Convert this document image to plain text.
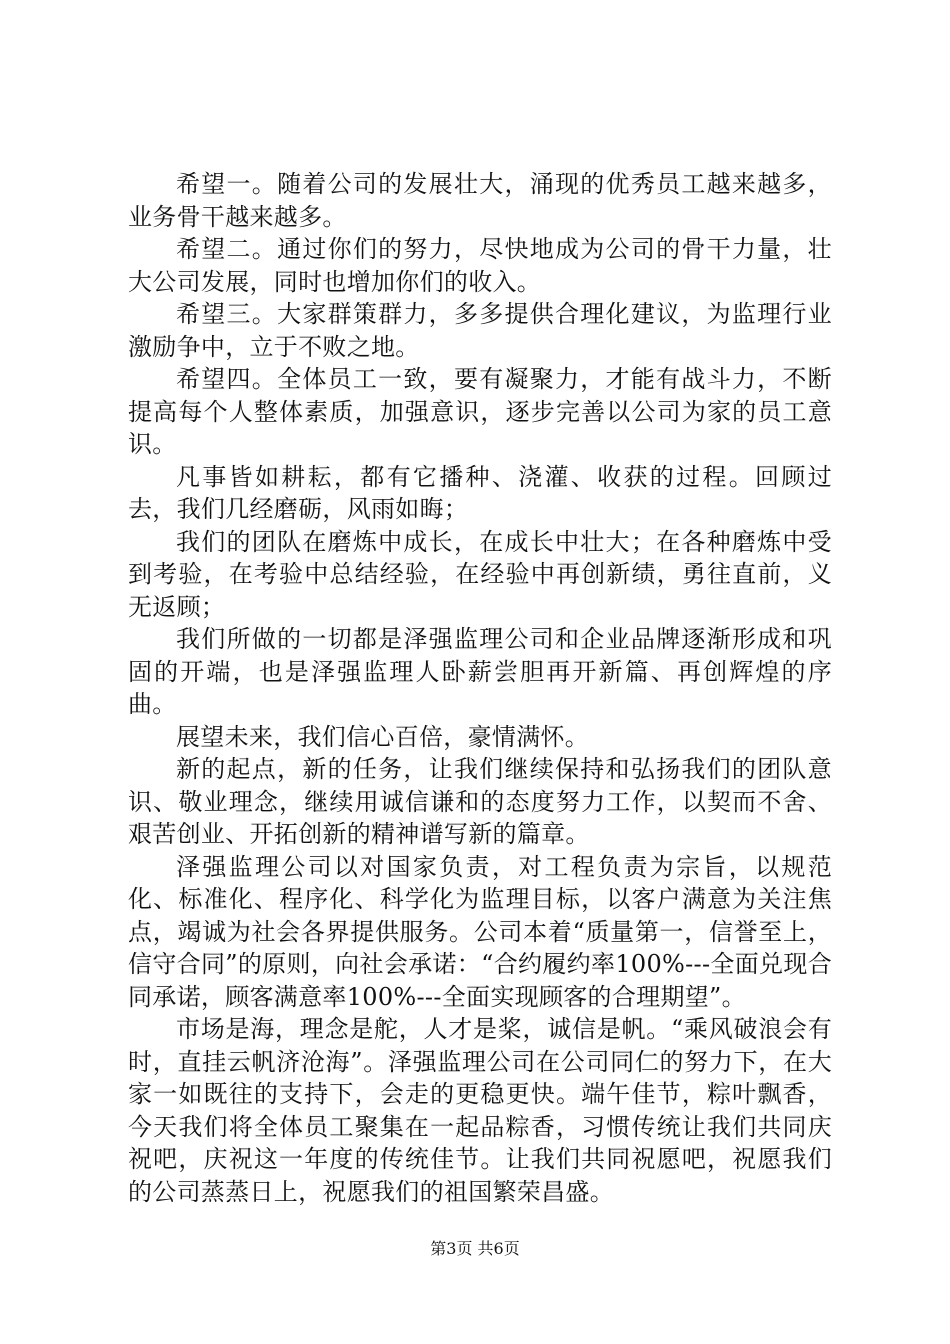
希望一。随着公司的发展壮大，涌现的优秀员工越来越多，业务骨干越来越多。

希望二。通过你们的努力，尽快地成为公司的骨干力量，壮大公司发展，同时也增加你们的收入。

希望三。大家群策群力，多多提供合理化建议，为监理行业激励争中，立于不败之地。

希望四。全体员工一致，要有凝聚力，才能有战斗力，不断提高每个人整体素质，加强意识，逐步完善以公司为家的员工意识。

凡事皆如耕耘，都有它播种、浇灌、收获的过程。回顾过去，我们几经磨砺，风雨如晦；

我们的团队在磨炼中成长，在成长中壮大；在各种磨炼中受到考验，在考验中总结经验，在经验中再创新绩，勇往直前，义无返顾；

我们所做的一切都是泽强监理公司和企业品牌逐渐形成和巩固的开端，也是泽强监理人卧薪尝胆再开新篇、再创辉煌的序曲。

展望未来，我们信心百倍，豪情满怀。

新的起点，新的任务，让我们继续保持和弘扬我们的团队意识、敬业理念，继续用诚信谦和的态度努力工作，以契而不舍、艰苦创业、开拓创新的精神谱写新的篇章。

泽强监理公司以对国家负责，对工程负责为宗旨，以规范化、标准化、程序化、科学化为监理目标，以客户满意为关注焦点，竭诚为社会各界提供服务。公司本着“质量第一，信誉至上，信守合同”的原则，向社会承诺：“合约履约率100%---全面兑现合同承诺，顾客满意率100%---全面实现顾客的合理期望”。

市场是海，理念是舵，人才是桨，诚信是帆。“乘风破浪会有时，直挂云帆济沧海”。泽强监理公司在公司同仁的努力下，在大家一如既往的支持下，会走的更稳更快。端午佳节，粽叶飘香，今天我们将全体员工聚集在一起品粽香，习惯传统让我们共同庆祝吧，庆祝这一年度的传统佳节。让我们共同祝愿吧，祝愿我们的公司蒸蒸日上，祝愿我们的祖国繁荣昌盛。

第3页 共6页
